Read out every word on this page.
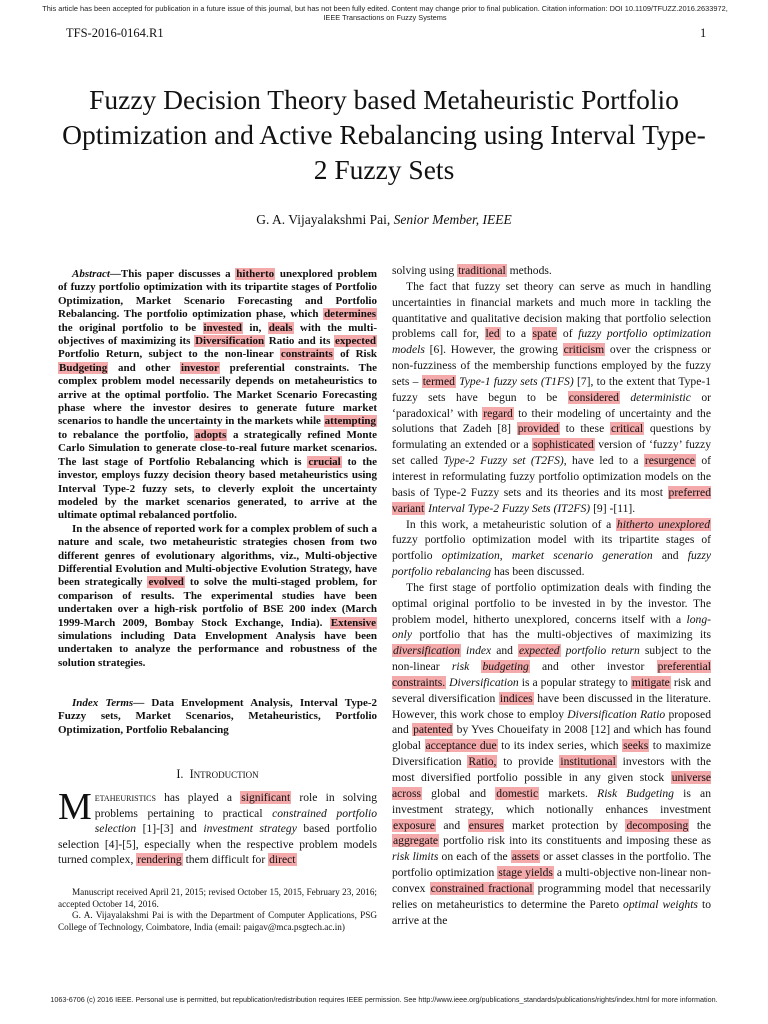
This article has been accepted for publication in a future issue of this journal, but has not been fully edited. Content may change prior to final publication. Citation information: DOI 10.1109/TFUZZ.2016.2633972, IEEE Transactions on Fuzzy Systems
TFS-2016-0164.R1	1
Fuzzy Decision Theory based Metaheuristic Portfolio Optimization and Active Rebalancing using Interval Type-2 Fuzzy Sets
G. A. Vijayalakshmi Pai, Senior Member, IEEE

Abstract—This paper discusses a hitherto unexplored problem of fuzzy portfolio optimization with its tripartite stages of Portfolio Optimization, Market Scenario Forecasting and Portfolio Rebalancing. The portfolio optimization phase, which determines the original portfolio to be invested in, deals with the multi-objectives of maximizing its Diversification Ratio and its expected Portfolio Return, subject to the non-linear constraints of Risk Budgeting and other investor preferential constraints. The complex problem model necessarily depends on metaheuristics to arrive at the optimal portfolio. The Market Scenario Forecasting phase where the investor desires to generate future market scenarios to handle the uncertainty in the markets while attempting to rebalance the portfolio, adopts a strategically refined Monte Carlo Simulation to generate close-to-real future market scenarios. The last stage of Portfolio Rebalancing which is crucial to the investor, employs fuzzy decision theory based metaheuristics using Interval Type-2 fuzzy sets, to cleverly exploit the uncertainty modeled by the market scenarios generated, to arrive at the ultimate optimal rebalanced portfolio.

In the absence of reported work for a complex problem of such a nature and scale, two metaheuristic strategies chosen from two different genres of evolutionary algorithms, viz., Multi-objective Differential Evolution and Multi-objective Evolution Strategy, have been strategically evolved to solve the multi-staged problem, for comparison of results. The experimental studies have been undertaken over a high-risk portfolio of BSE 200 index (March 1999-March 2009, Bombay Stock Exchange, India). Extensive simulations including Data Envelopment Analysis have been undertaken to analyze the performance and robustness of the solution strategies.

Index Terms— Data Envelopment Analysis, Interval Type-2 Fuzzy sets, Market Scenarios, Metaheuristics, Portfolio Optimization, Portfolio Rebalancing

I. Introduction
Metaheuristics has played a significant role in solving problems pertaining to practical constrained portfolio selection [1]-[3] and investment strategy based portfolio selection [4]-[5], especially when the respective problem models turned complex, rendering them difficult for direct

Manuscript received April 21, 2015; revised October 15, 2015, February 23, 2016; accepted October 14, 2016.

G. A. Vijayalakshmi Pai is with the Department of Computer Applications, PSG College of Technology, Coimbatore, India (email: paigav@mca.psgtech.ac.in)

solving using traditional methods.

The fact that fuzzy set theory can serve as much in handling uncertainties in financial markets and much more in tackling the quantitative and qualitative decision making that portfolio selection problems call for, led to a spate of fuzzy portfolio optimization models [6]. However, the growing criticism over the crispness or non-fuzziness of the membership functions employed by the fuzzy sets – termed Type-1 fuzzy sets (T1FS) [7], to the extent that Type-1 fuzzy sets have begun to be considered deterministic or ‘paradoxical’ with regard to their modeling of uncertainty and the solutions that Zadeh [8] provided to these critical questions by formulating an extended or a sophisticated version of ‘fuzzy’ fuzzy set called Type-2 Fuzzy set (T2FS), have led to a resurgence of interest in reformulating fuzzy portfolio optimization models on the basis of Type-2 Fuzzy sets and its theories and its most preferred variant Interval Type-2 Fuzzy Sets (IT2FS) [9] -[11].

In this work, a metaheuristic solution of a hitherto unexplored fuzzy portfolio optimization model with its tripartite stages of portfolio optimization, market scenario generation and fuzzy portfolio rebalancing has been discussed.

The first stage of portfolio optimization deals with finding the optimal original portfolio to be invested in by the investor. The problem model, hitherto unexplored, concerns itself with a long-only portfolio that has the multi-objectives of maximizing its diversification index and expected portfolio return subject to the non-linear risk budgeting and other investor preferential constraints. Diversification is a popular strategy to mitigate risk and several diversification indices have been discussed in the literature. However, this work chose to employ Diversification Ratio proposed and patented by Yves Choueifaty in 2008 [12] and which has found global acceptance due to its index series, which seeks to maximize Diversification Ratio, to provide institutional investors with the most diversified portfolio possible in any given stock universe across global and domestic markets. Risk Budgeting is an investment strategy, which notionally enhances investment exposure and ensures market protection by decomposing the aggregate portfolio risk into its constituents and imposing these as risk limits on each of the assets or asset classes in the portfolio. The portfolio optimization stage yields a multi-objective non-linear non-convex constrained fractional programming model that necessarily relies on metaheuristics to determine the Pareto optimal weights to arrive at the

1063-6706 (c) 2016 IEEE. Personal use is permitted, but republication/redistribution requires IEEE permission. See http://www.ieee.org/publications_standards/publications/rights/index.html for more information.
